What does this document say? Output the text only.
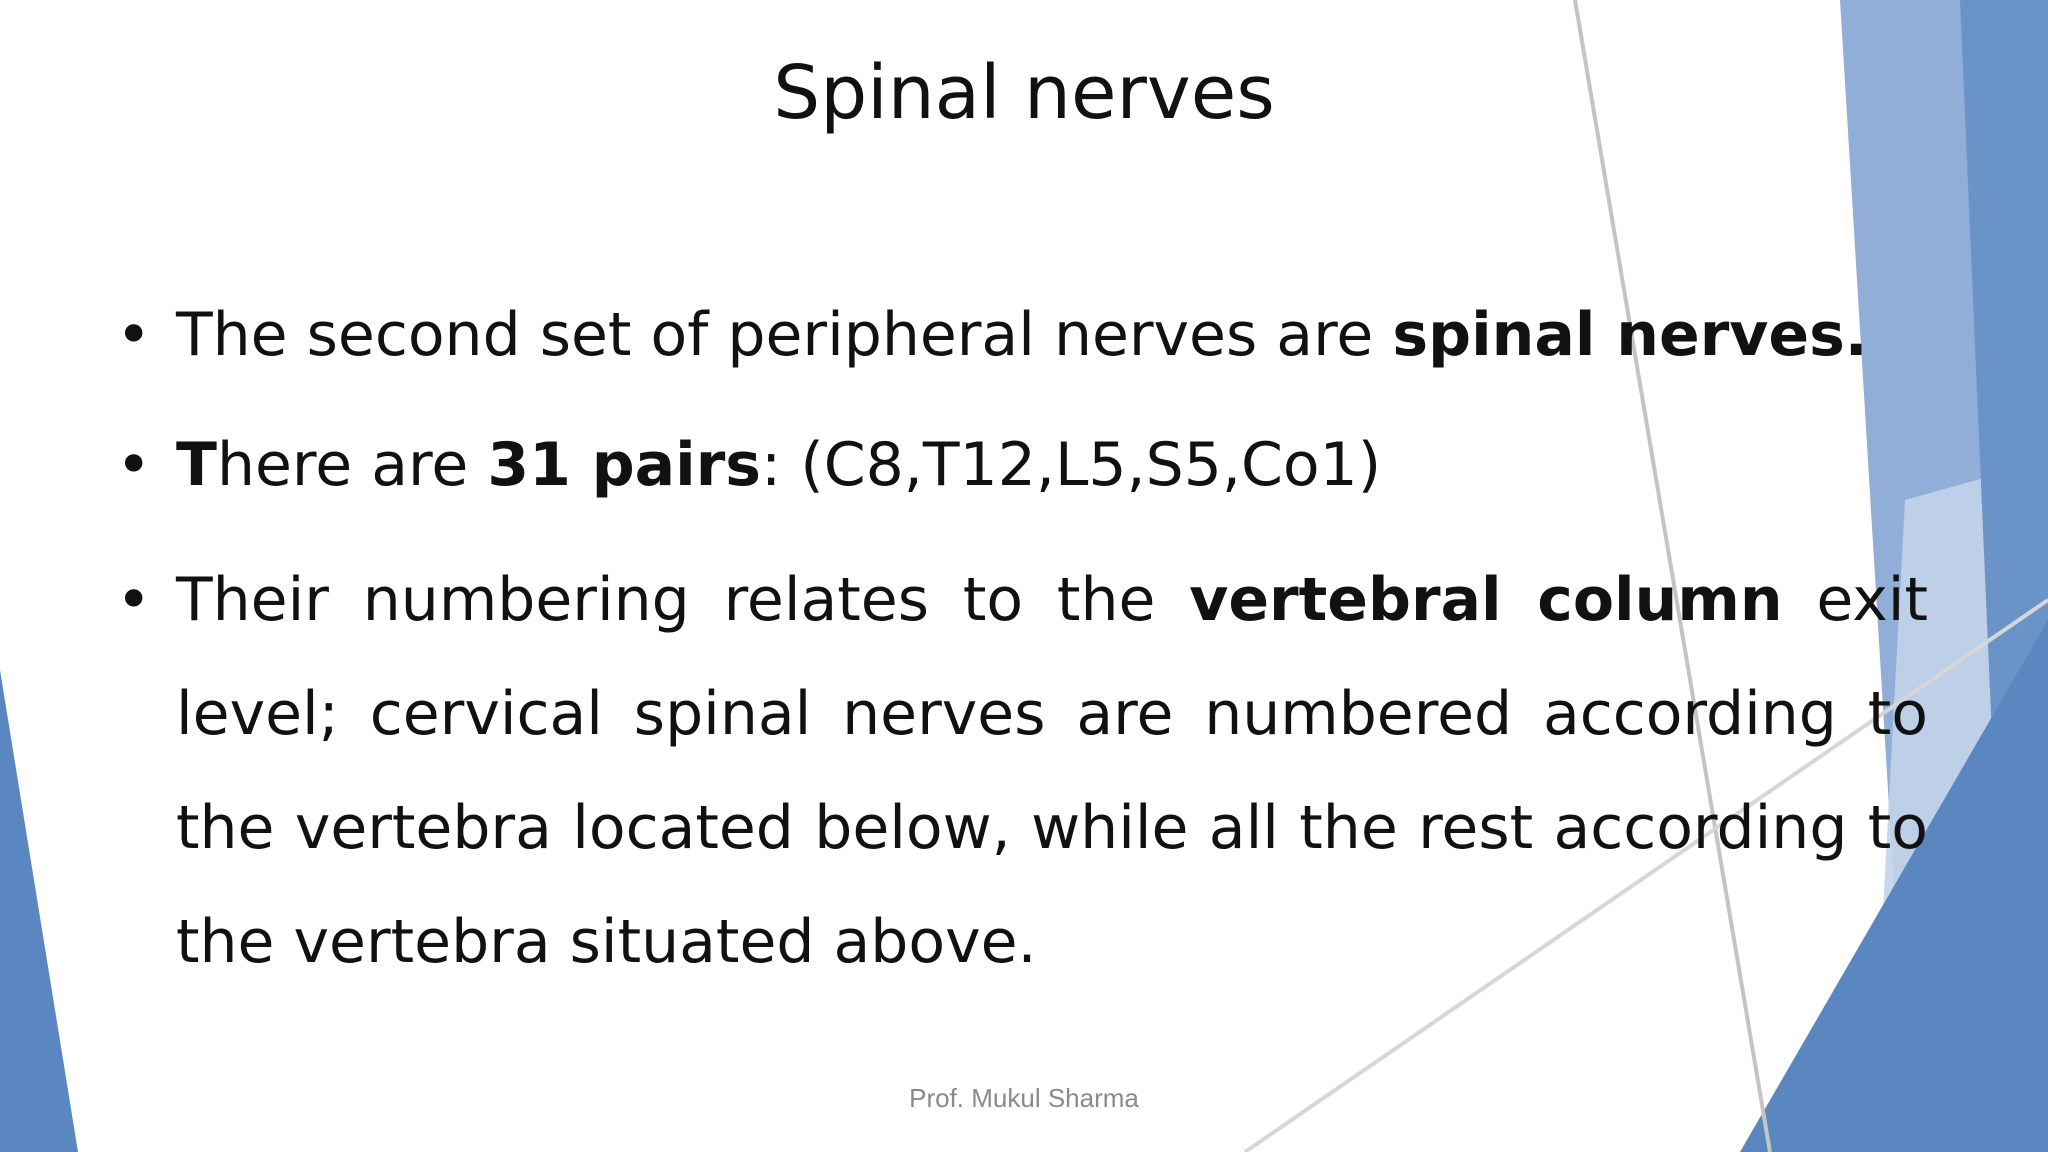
Spinal nerves
• The second set of peripheral nerves are spinal nerves.
• There are 31 pairs: (C8,T12,L5,S5,Co1)
• Their numbering relates to the vertebral column exit level; cervical spinal nerves are numbered according to the vertebra located below, while all the rest according to the vertebra situated above.
Prof. Mukul Sharma
